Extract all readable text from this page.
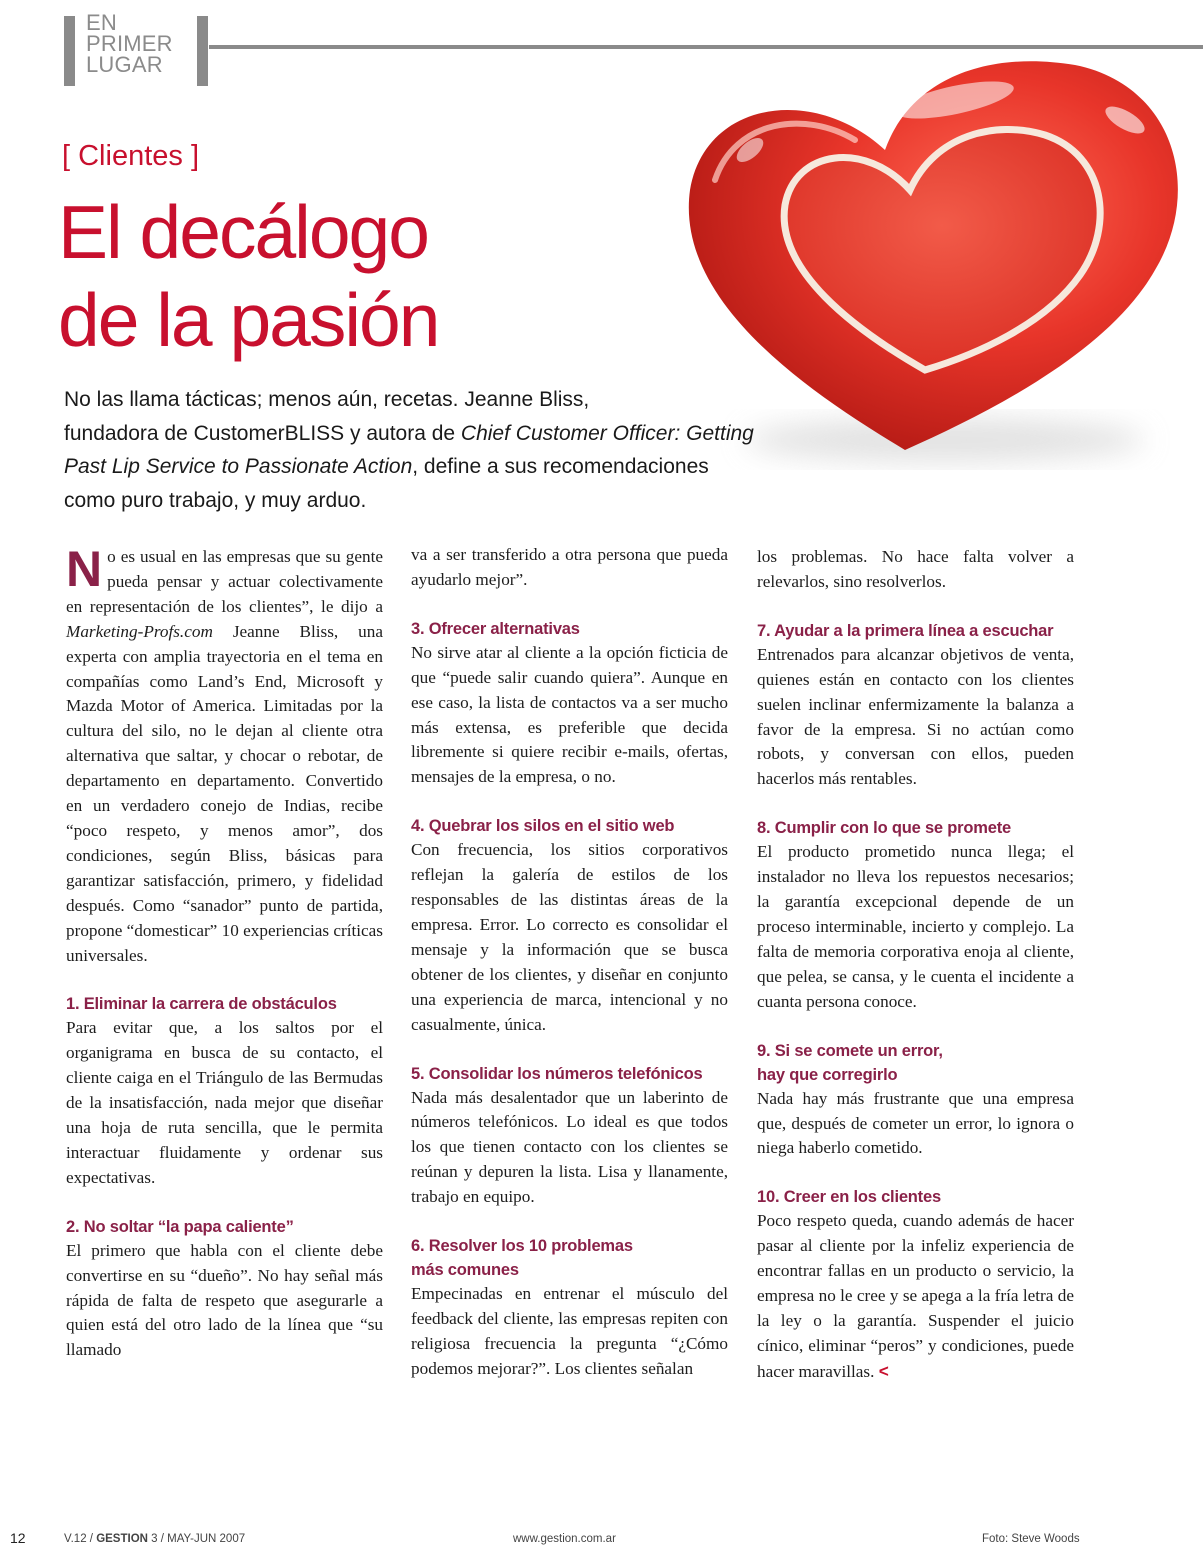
EN
PRIMER
LUGAR
[ Clientes ]
El decálogo
de la pasión

No las llama tácticas; menos aún, recetas. Jeanne Bliss,

fundadora de CustomerBLISS y autora de Chief Customer Officer: Getting

Past Lip Service to Passionate Action, define a sus recomendaciones

como puro trabajo, y muy arduo.

No es usual en las empresas que su gente pueda pensar y actuar colectivamente en representación de los clientes”, le dijo a Marketing-Profs.com Jeanne Bliss, una experta con amplia trayectoria en el tema en compañías como Land’s End, Microsoft y Mazda Motor of America. Limitadas por la cultura del silo, no le dejan al cliente otra alternativa que saltar, y chocar o rebotar, de departamento en departamento. Convertido en un verdadero conejo de Indias, recibe “poco respeto, y menos amor”, dos condiciones, según Bliss, básicas para garantizar satisfacción, primero, y fidelidad después. Como “sanador” punto de partida, propone “domesticar” 10 experiencias críticas universales.

1. Eliminar la carrera de obstáculos

Para evitar que, a los saltos por el organigrama en busca de su contacto, el cliente caiga en el Triángulo de las Bermudas de la insatisfacción, nada mejor que diseñar una hoja de ruta sencilla, que le permita interactuar fluidamente y ordenar sus expectativas.

2. No soltar “la papa caliente”

El primero que habla con el cliente debe convertirse en su “dueño”. No hay señal más rápida de falta de respeto que asegurarle a quien está del otro lado de la línea que “su llamado

va a ser transferido a otra persona que pueda ayudarlo mejor”.

3. Ofrecer alternativas

No sirve atar al cliente a la opción ficticia de que “puede salir cuando quiera”. Aunque en ese caso, la lista de contactos va a ser mucho más extensa, es preferible que decida libremente si quiere recibir e-mails, ofertas, mensajes de la empresa, o no.

4. Quebrar los silos en el sitio web

Con frecuencia, los sitios corporativos reflejan la galería de estilos de los responsables de las distintas áreas de la empresa. Error. Lo correcto es consolidar el mensaje y la información que se busca obtener de los clientes, y diseñar en conjunto una experiencia de marca, intencional y no casualmente, única.

5. Consolidar los números telefónicos

Nada más desalentador que un laberinto de números telefónicos. Lo ideal es que todos los que tienen contacto con los clientes se reúnan y depuren la lista. Lisa y llanamente, trabajo en equipo.

6. Resolver los 10 problemas
más comunes

Empecinadas en entrenar el músculo del feedback del cliente, las empresas repiten con religiosa frecuencia la pregunta “¿Cómo podemos mejorar?”. Los clientes señalan

los problemas. No hace falta volver a relevarlos, sino resolverlos.

7. Ayudar a la primera línea a escuchar

Entrenados para alcanzar objetivos de venta, quienes están en contacto con los clientes suelen inclinar enfermizamente la balanza a favor de la empresa. Si no actúan como robots, y conversan con ellos, pueden hacerlos más rentables.

8. Cumplir con lo que se promete

El producto prometido nunca llega; el instalador no lleva los repuestos necesarios; la garantía excepcional depende de un proceso interminable, incierto y complejo. La falta de memoria corporativa enoja al cliente, que pelea, se cansa, y le cuenta el incidente a cuanta persona conoce.

9. Si se comete un error,
hay que corregirlo

Nada hay más frustrante que una empresa que, después de cometer un error, lo ignora o niega haberlo cometido.

10. Creer en los clientes

Poco respeto queda, cuando además de hacer pasar al cliente por la infeliz experiencia de encontrar fallas en un producto o servicio, la empresa no le cree y se apega a la fría letra de la ley o la garantía. Suspender el juicio cínico, eliminar “peros” y condiciones, puede hacer maravillas. <

12	V.12 / GESTION 3 / MAY-JUN 2007	www.gestion.com.ar	Foto: Steve Woods
